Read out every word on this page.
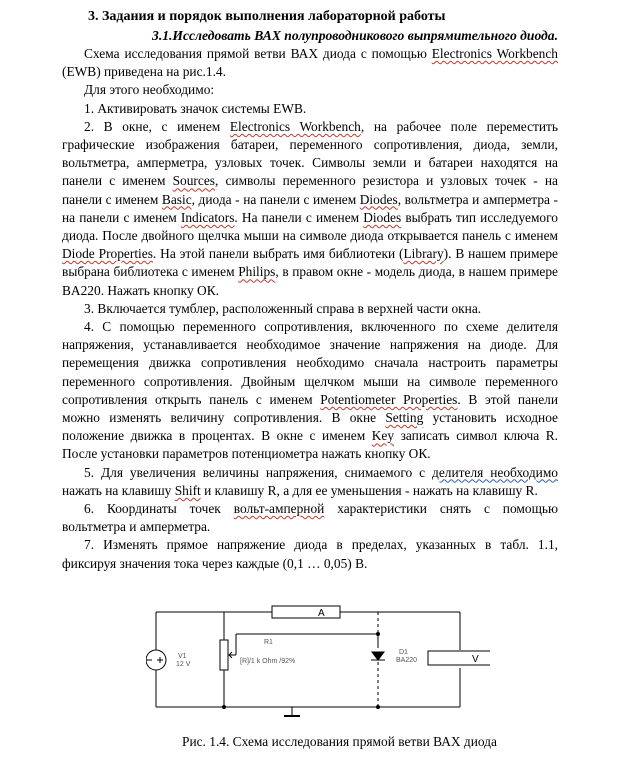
3. Задания и порядок выполнения лабораторной работы
3.1.Исследовать ВАХ полупроводникового выпрямительного диода.

Схема исследования прямой ветви ВАХ диода с помощью Electronics Workbench (EWB) приведена на рис.1.4.

Для этого необходимо:

1. Активировать значок системы EWB.

2. В окне, с именем Electronics Workbench, на рабочее поле переместить графические изображения батареи, переменного сопротивления, диода, земли, вольтметра, амперметра, узловых точек. Символы земли и батареи находятся на панели с именем Sources, символы переменного резистора и узловых точек - на панели с именем Basic, диода - на панели с именем Diodes, вольтметра и амперметра - на панели с именем Indicators. На панели с именем Diodes выбрать тип исследуемого диода. После двойного щелчка мыши на символе диода открывается панель с именем Diode Properties. На этой панели выбрать имя библиотеки (Library). В нашем примере выбрана библиотека с именем Philips, в правом окне - модель диода, в нашем примере BA220. Нажать кнопку ОК.

3. Включается тумблер, расположенный справа в верхней части окна.

4. С помощью переменного сопротивления, включенного по схеме делителя напряжения, устанавливается необходимое значение напряжения на диоде. Для перемещения движка сопротивления необходимо сначала настроить параметры переменного сопротивления. Двойным щелчком мыши на символе переменного сопротивления открыть панель с именем Potentiometer Properties. В этой панели можно изменять величину сопротивления. В окне Setting установить исходное положение движка в процентах. В окне с именем Key записать символ ключа R. После установки параметров потенциометра нажать кнопку ОК.

5. Для увеличения величины напряжения, снимаемого с делителя необходимо нажать на клавишу Shift и клавишу R, а для ее уменьшения - нажать на клавишу R.

6. Координаты точек вольт-амперной характеристики снять с помощью вольтметра и амперметра.

7. Изменять прямое напряжение диода в пределах, указанных в табл. 1.1, фиксируя значения тока через каждые (0,1 … 0,05) В.

A
V
V1
12 V
R1
[R]/1 k Ohm /92%
D1
BA220
Рис. 1.4. Схема исследования прямой ветви ВАХ диода
